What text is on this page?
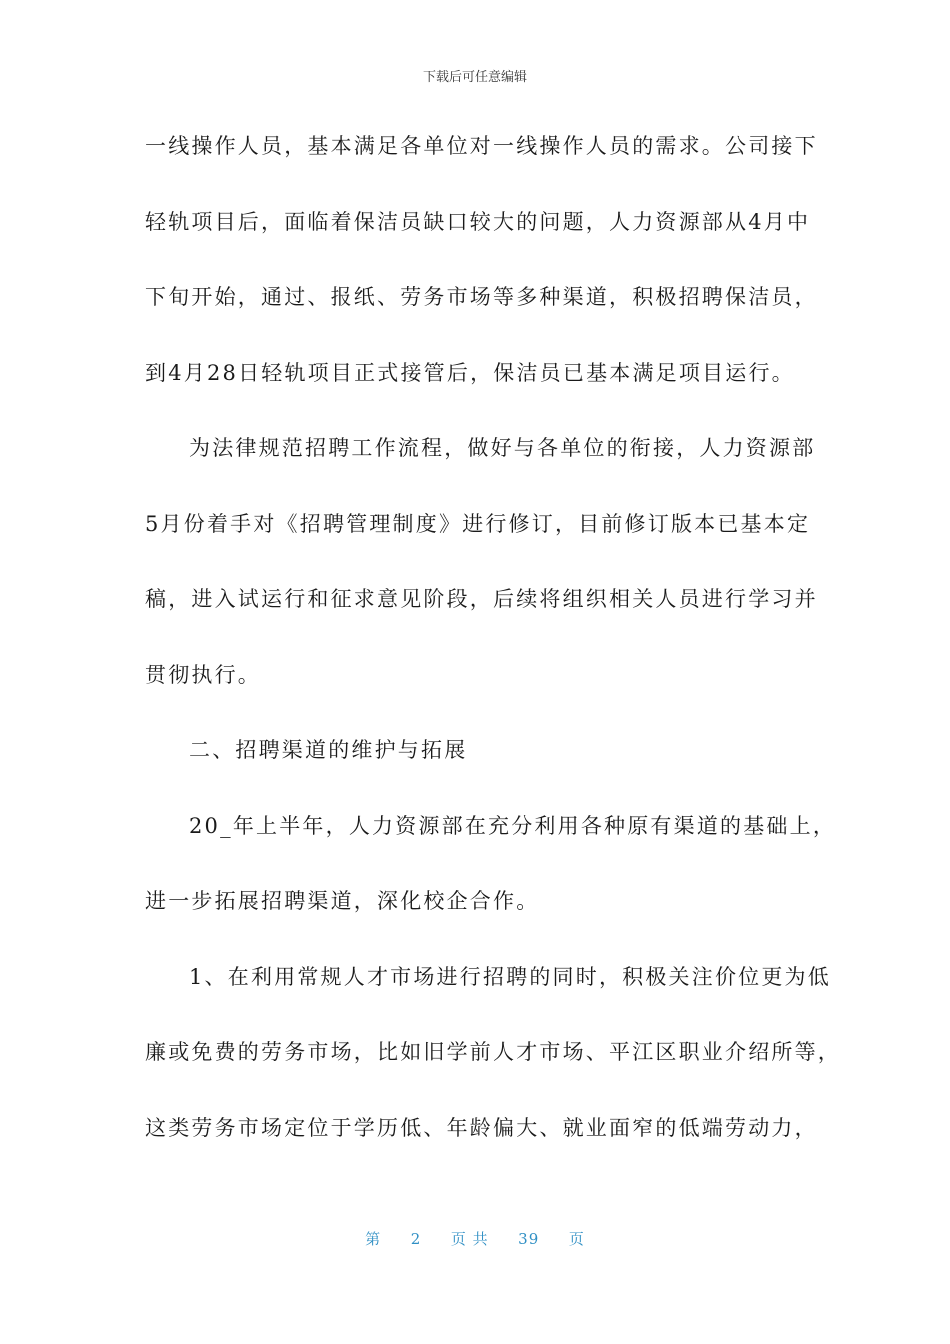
下载后可任意编辑
一线操作人员，基本满足各单位对一线操作人员的需求。公司接下
轻轨项目后，面临着保洁员缺口较大的问题，人力资源部从4月中
下旬开始，通过、报纸、劳务市场等多种渠道，积极招聘保洁员，
到4月28日轻轨项目正式接管后，保洁员已基本满足项目运行。
为法律规范招聘工作流程，做好与各单位的衔接，人力资源部
5月份着手对《招聘管理制度》进行修订，目前修订版本已基本定
稿，进入试运行和征求意见阶段，后续将组织相关人员进行学习并
贯彻执行。
二、招聘渠道的维护与拓展
20_年上半年，人力资源部在充分利用各种原有渠道的基础上，
进一步拓展招聘渠道，深化校企合作。
1、在利用常规人才市场进行招聘的同时，积极关注价位更为低
廉或免费的劳务市场，比如旧学前人才市场、平江区职业介绍所等，
这类劳务市场定位于学历低、年龄偏大、就业面窄的低端劳动力，
第 2 页 共 39 页
